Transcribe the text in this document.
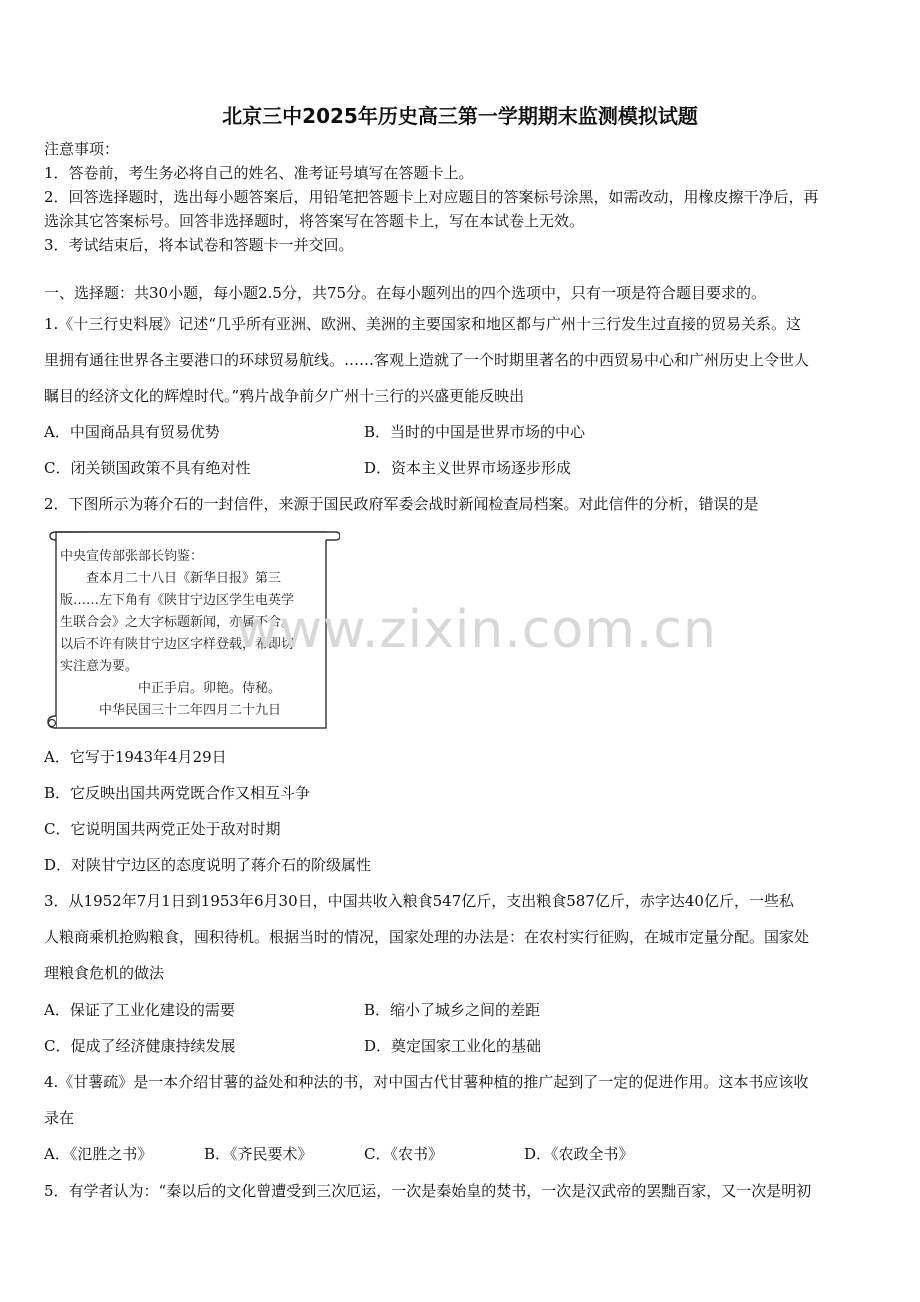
北京三中2025年历史高三第一学期期末监测模拟试题
注意事项：
1．答卷前，考生务必将自己的姓名、准考证号填写在答题卡上。
2．回答选择题时，选出每小题答案后，用铅笔把答题卡上对应题目的答案标号涂黑，如需改动，用橡皮擦干净后，再
选涂其它答案标号。回答非选择题时，将答案写在答题卡上，写在本试卷上无效。
3．考试结束后，将本试卷和答题卡一并交回。
一、选择题：共30小题，每小题2.5分，共75分。在每小题列出的四个选项中，只有一项是符合题目要求的。
1.《十三行史料展》记述“几乎所有亚洲、欧洲、美洲的主要国家和地区都与广州十三行发生过直接的贸易关系。这
里拥有通往世界各主要港口的环球贸易航线。……客观上造就了一个时期里著名的中西贸易中心和广州历史上令世人
瞩目的经济文化的辉煌时代。”鸦片战争前夕广州十三行的兴盛更能反映出
A．中国商品具有贸易优势	B．当时的中国是世界市场的中心
C．闭关锁国政策不具有绝对性	D．资本主义世界市场逐步形成
2．下图所示为蒋介石的一封信件，来源于国民政府军委会战时新闻检查局档案。对此信件的分析，错误的是
中央宣传部张部长钧鉴：
　　查本月二十八日《新华日报》第三
版……左下角有《陕甘宁边区学生电英学
生联合会》之大字标题新闻，亦属不合。
以后不许有陕甘宁边区字样登载，希即切
实注意为要。
　　　　　　中正手启。卯艳。侍秘。
　　　中华民国三十二年四月二十九日
www.zixin.com.cn
A．它写于1943年4月29日
B．它反映出国共两党既合作又相互斗争
C．它说明国共两党正处于敌对时期
D．对陕甘宁边区的态度说明了蒋介石的阶级属性
3．从1952年7月1日到1953年6月30日，中国共收入粮食547亿斤，支出粮食587亿斤，赤字达40亿斤，一些私
人粮商乘机抢购粮食，囤积待机。根据当时的情况，国家处理的办法是：在农村实行征购，在城市定量分配。国家处
理粮食危机的做法
A．保证了工业化建设的需要	B．缩小了城乡之间的差距
C．促成了经济健康持续发展	D．奠定国家工业化的基础
4.《甘薯疏》是一本介绍甘薯的益处和种法的书，对中国古代甘薯种植的推广起到了一定的促进作用。这本书应该收
录在
A．《氾胜之书》	B．《齐民要术》	C．《农书》	D．《农政全书》
5．有学者认为：“秦以后的文化曾遭受到三次厄运，一次是秦始皇的焚书，一次是汉武帝的罢黜百家，又一次是明初
